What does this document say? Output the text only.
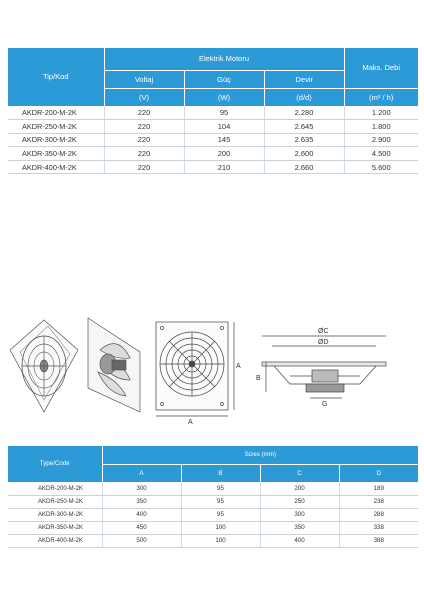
Tip/Kod	Elektrik Motoru			Maks. Debi
	Voltaj	Güç	Devir	
	(V)	(W)	(d/d)	(m³ / h)
AKDR-200-M-2K	220	95	2.280	1.200
AKDR-250-M-2K	220	104	2.645	1.800
AKDR-300-M-2K	220	145	2.635	2.900
AKDR-350-M-2K	220	200	2.600	4.500
AKDR-400-M-2K	220	210	2.660	5.600
A
A
ØC
ØD
B
G
Type/Code	Sizes (mm)			
	A	B	C	D
AKDR-200-M-2K	300	95	200	189
AKDR-250-M-2K	350	95	250	238
AKDR-300-M-2K	400	95	300	288
AKDR-350-M-2K	450	100	350	338
AKDR-400-M-2K	500	100	400	388
